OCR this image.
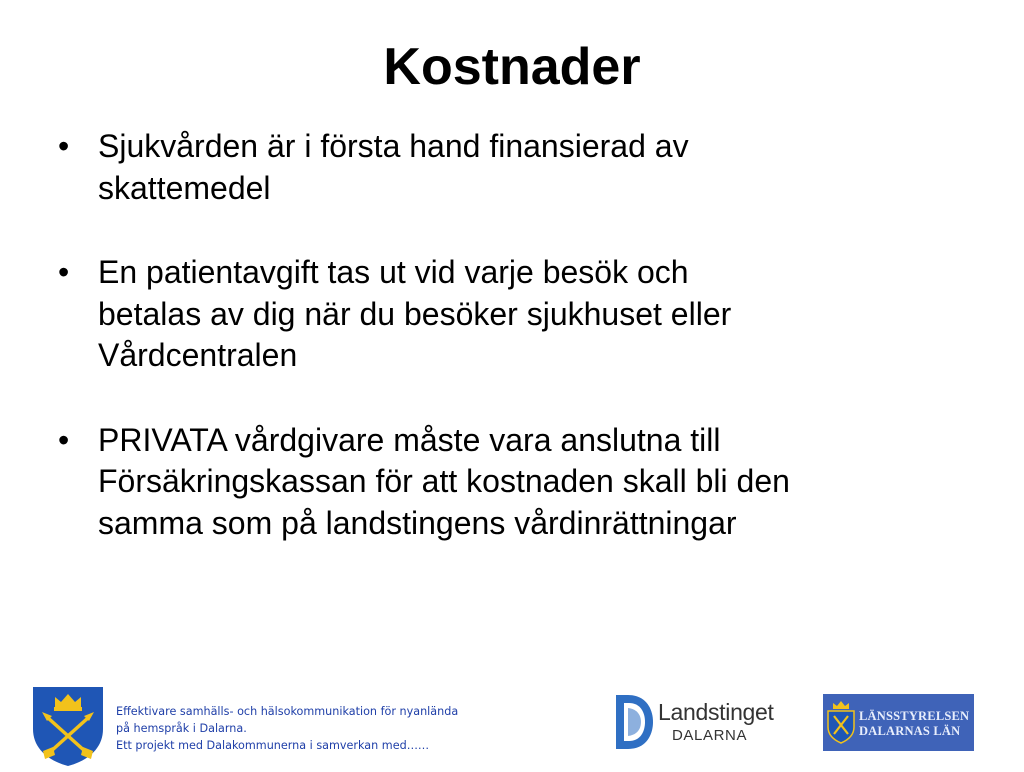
Kostnader
• Sjukvården är i första hand finansierad av
skattemedel
• En patientavgift tas ut vid varje besök och
betalas av dig när du besöker sjukhuset eller
Vårdcentralen
• PRIVATA vårdgivare måste vara anslutna till
Försäkringskassan för att kostnaden skall bli den
samma som på landstingens vårdinrättningar
Effektivare samhälls- och hälsokommunikation för nyanlända
på hemspråk i Dalarna.
Ett projekt med Dalakommunerna i samverkan med……
Landstinget
DALARNA
LÄNSSTYRELSEN
DALARNAS LÄN
